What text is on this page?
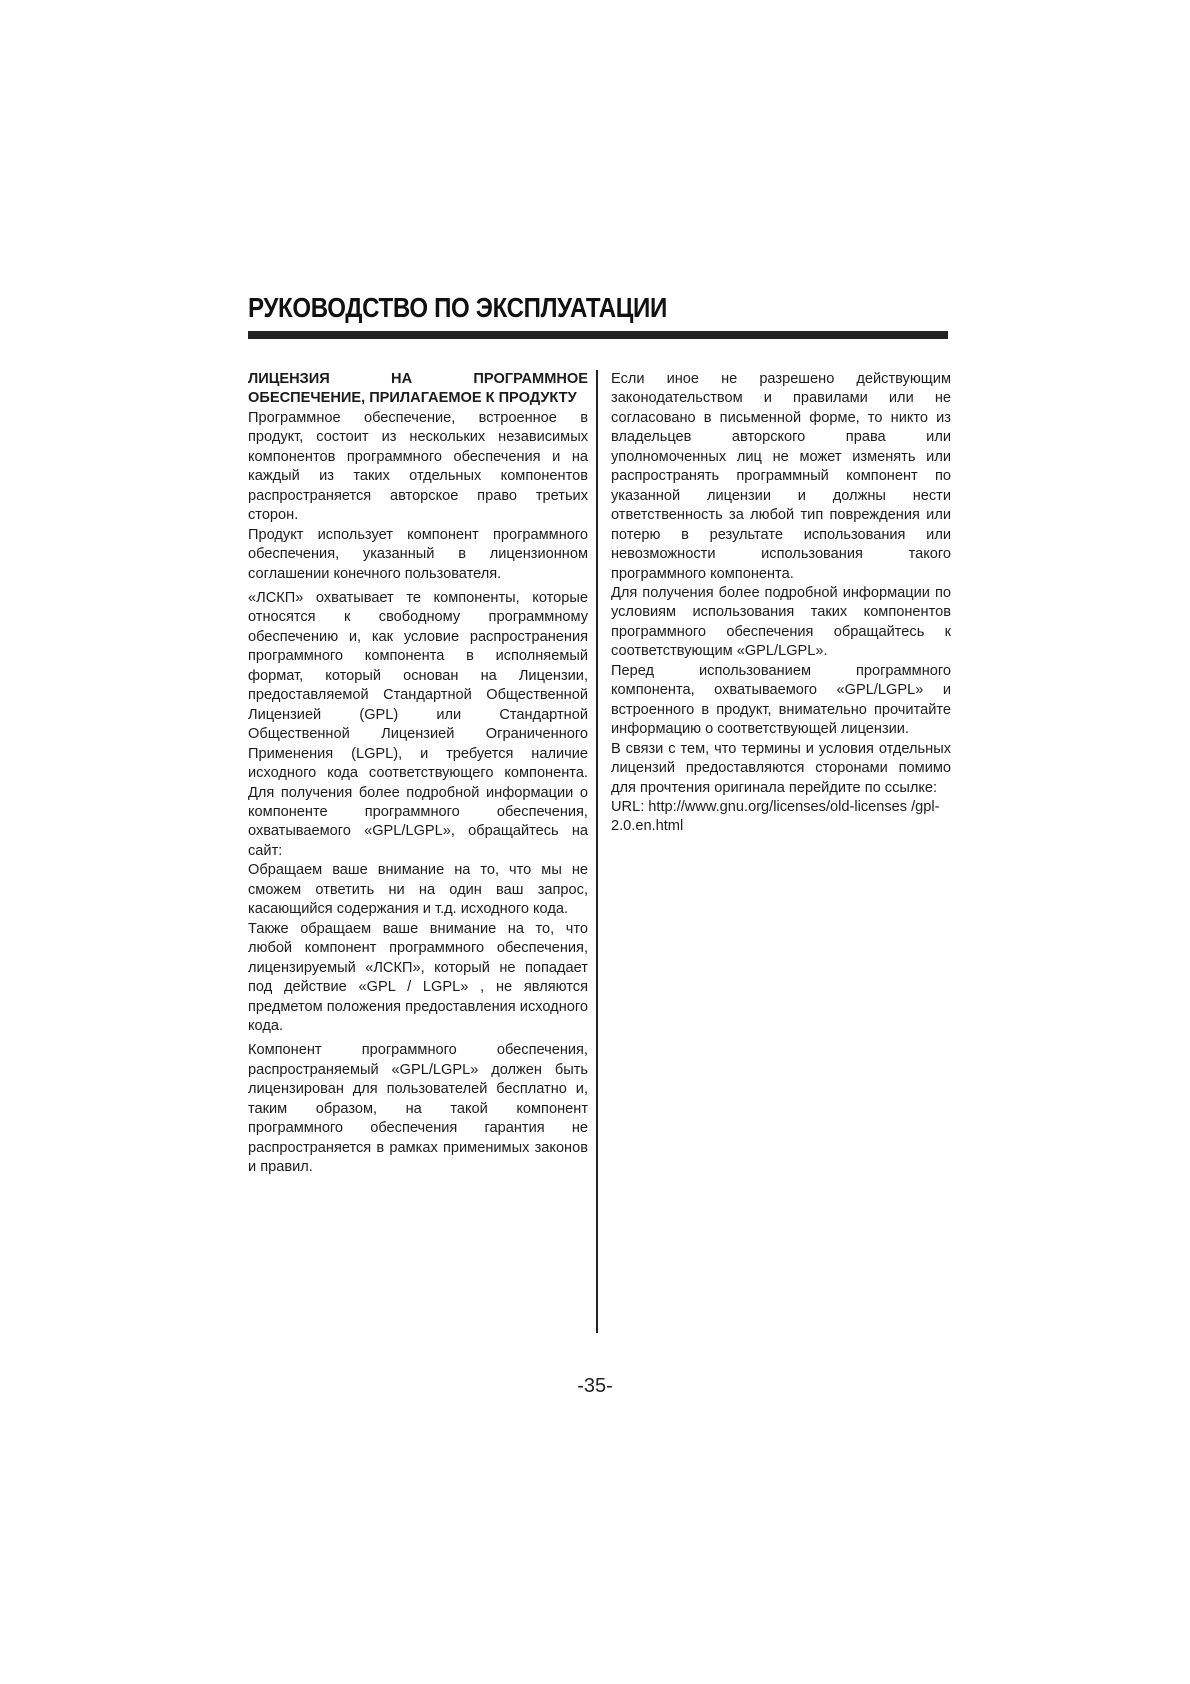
РУКОВОДСТВО ПО ЭКСПЛУАТАЦИИ
ЛИЦЕНЗИЯ НА ПРОГРАММНОЕ ОБЕСПЕЧЕНИЕ, ПРИЛАГАЕМОЕ К ПРОДУКТУ

Программное обеспечение, встроенное в продукт, состоит из нескольких независимых компонентов программного обеспечения и на каждый из таких отдельных компонентов распространяется авторское право третьих сторон.

Продукт использует компонент программного обеспечения, указанный в лицензионном соглашении конечного пользователя.

«ЛСКП» охватывает те компоненты, которые относятся к свободному программному обеспечению и, как условие распространения программного компонента в исполняемый формат, который основан на Лицензии, предоставляемой Стандартной Общественной Лицензией (GPL) или Стандартной Общественной Лицензией Ограниченного Применения (LGPL), и требуется наличие исходного кода соответствующего компонента. Для получения более подробной информации о компоненте программного обеспечения, охватываемого «GPL/LGPL», обращайтесь на сайт:

Обращаем ваше внимание на то, что мы не сможем ответить ни на один ваш запрос, касающийся содержания и т.д. исходного кода.

Также обращаем ваше внимание на то, что любой компонент программного обеспечения, лицензируемый «ЛСКП», который не попадает под действие «GPL / LGPL» , не являются предметом положения предоставления исходного кода.

Компонент программного обеспечения, распространяемый «GPL/LGPL» должен быть лицензирован для пользователей бесплатно и, таким образом, на такой компонент программного обеспечения гарантия не распространяется в рамках применимых законов и правил.

Если иное не разрешено действующим законодательством и правилами или не согласовано в письменной форме, то никто из владельцев авторского права или уполномоченных лиц не может изменять или распространять программный компонент по указанной лицензии и должны нести ответственность за любой тип повреждения или потерю в результате использования или невозможности использования такого программного компонента.

Для получения более подробной информации по условиям использования таких компонентов программного обеспечения обращайтесь к соответствующим «GPL/LGPL».

Перед использованием программного компонента, охватываемого «GPL/LGPL» и встроенного в продукт, внимательно прочитайте информацию о соответствующей лицензии.

В связи с тем, что термины и условия отдельных лицензий предоставляются сторонами помимо для прочтения оригинала перейдите по ссылке:

URL: http://www.gnu.org/licenses/old-licenses /gpl-2.0.en.html

-35-
